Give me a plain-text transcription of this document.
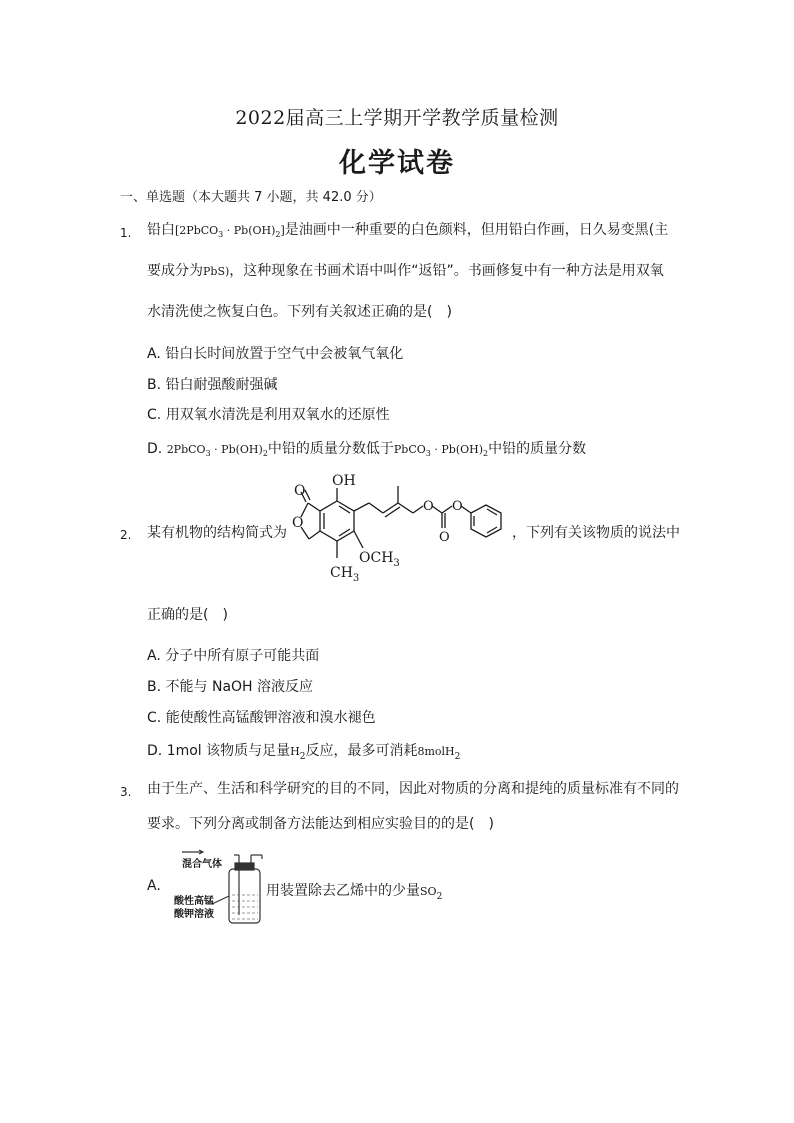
2022届高三上学期开学教学质量检测
化学试卷
一、单选题（本大题共 7 小题，共 42.0 分）
1. 铅白[2PbCO$_3$ · $Pb(OH)_2$]是油画中一种重要的白色颜料，但用铅白作画，日久易变黑(主
要成分为PbS)，这种现象在书画术语中叫作“返铅”。书画修复中有一种方法是用双氧
水清洗使之恢复白色。下列有关叙述正确的是(　)
A. 铅白长时间放置于空气中会被氧气氧化
B. 铅白耐强酸耐强碱
C. 用双氧水清洗是利用双氧水的还原性
D. 2PbCO$_3$ · $Pb(OH)_2$中铅的质量分数低于PbCO$_3$ · $Pb(OH)_2$中铅的质量分数
2. 某有机物的结构简式为
O
OH
O
$OCH_3$
$CH_3$
O
O
O
，下列有关该物质的说法中
正确的是(　)
A. 分子中所有原子可能共面
B. 不能与 NaOH 溶液反应
C. 能使酸性高锰酸钾溶液和溴水褪色
D. 1mol 该物质与足量$H_2$反应，最多可消耗8molH$_2$
3. 由于生产、生活和科学研究的目的不同，因此对物质的分离和提纯的质量标准有不同的
要求。下列分离或制备方法能达到相应实验目的的是(　)
A.
混合气体
酸性高锰
酸钾溶液
用装置除去乙烯中的少量$SO_2$
